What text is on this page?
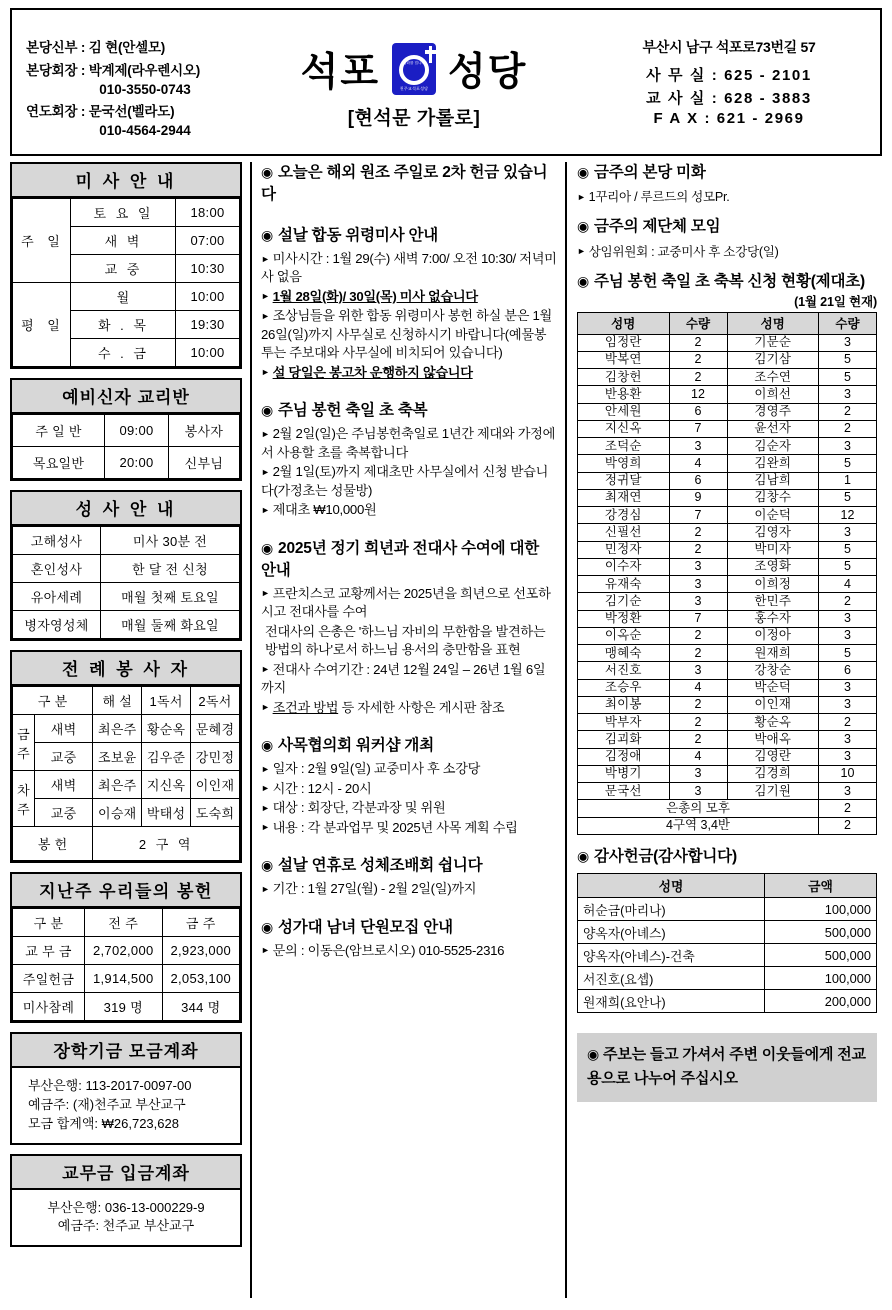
본당신부 : 김 현(안셀모)
본당회장 : 박계제(라우렌시오)
010-3550-0743
연도회장 : 문국선(벨라도)
010-4564-2944
석포	평화를 빕니다
천주교석포성당 성당
[현석문 가롤로]
부산시 남구 석포로73번길 57
사 무 실 : 625 - 2101
교 사 실 : 628 - 3883
F A X : 621 - 2969
미 사 안 내
주 일	토 요 일	18:00
	새 벽	07:00
	교 중	10:30
평 일	월	10:00
	화 . 목	19:30
	수 . 금	10:00
예비신자 교리반
주 일 반	09:00	봉사자
목요일반	20:00	신부님
성 사 안 내
고해성사	미사 30분 전
혼인성사	한 달 전 신청
유아세례	매월 첫째 토요일
병자영성체	매월 둘째 화요일
전 례 봉 사 자
구 분		해 설	1독서	2독서
금주	새벽	최은주	황순옥	문혜경
	교중	조보윤	김우준	강민정
차주	새벽	최은주	지신옥	이인재
	교중	이승재	박태성	도숙희
봉 헌		2 구 역		
지난주 우리들의 봉헌
구 분	전 주	금 주
교 무 금	2,702,000	2,923,000
주일헌금	1,914,500	2,053,100
미사참례	319 명	344 명
장학기금 모금계좌
부산은행: 113-2017-0097-00
예금주: (재)천주교 부산교구
모금 합계액: ₩26,723,628
교무금 입금계좌
부산은행: 036-13-000229-9
예금주: 천주교 부산교구
◉ 오늘은 해외 원조 주일로 2차 헌금 있습니다
◉ 설날 합동 위령미사 안내
► 미사시간 : 1월 29(수) 새벽 7:00/ 오전 10:30/ 저녁미사 없음
► 1월 28일(화)/ 30일(목) 미사 없습니다
► 조상님들을 위한 합동 위령미사 봉헌 하실 분은 1월 26일(일)까지 사무실로 신청하시기 바랍니다(예물봉투는 주보대와 사무실에 비치되어 있습니다)
► 설 당일은 봉고차 운행하지 않습니다
◉ 주님 봉헌 축일 초 축복
► 2월 2일(일)은 주님봉헌축일로 1년간 제대와 가정에서 사용할 초를 축복합니다
► 2월 1일(토)까지 제대초만 사무실에서 신청 받습니다(가정초는 성물방)
► 제대초 ₩10,000원
◉ 2025년 정기 희년과 전대사 수여에 대한 안내
► 프란치스코 교황께서는 2025년을 희년으로 선포하시고 전대사를 수여
전대사의 은총은 '하느님 자비의 무한함을 발견하는 방법의 하나'로서 하느님 용서의 충만함을 표현
► 전대사 수여기간 : 24년 12월 24일 – 26년 1월 6일까지
► 조건과 방법 등 자세한 사항은 게시판 참조
◉ 사목협의회 워커샵 개최
► 일자 : 2월 9일(일) 교중미사 후 소강당
► 시간 : 12시 - 20시
► 대상 : 회장단, 각분과장 및 위원
► 내용 : 각 분과업무 및 2025년 사목 계획 수립
◉ 설날 연휴로 성체조배회 쉽니다
► 기간 : 1월 27일(월) - 2월 2일(일)까지
◉ 성가대 남녀 단원모집 안내
► 문의 : 이동은(암브로시오) 010-5525-2316
◉ 금주의 본당 미화
► 1꾸리아 / 루르드의 성모Pr.
◉ 금주의 제단체 모임
► 상임위원회 : 교중미사 후 소강당(일)
◉ 주님 봉헌 축일 초 축복 신청 현황(제대초)
(1월 21일 현재)
성명	수량	성명	수량
임정란	2	기문순	3
박복연	2	김기삼	5
김창헌	2	조수연	5
반용환	12	이희선	3
안세원	6	경영주	2
지신옥	7	윤선자	2
조덕순	3	김순자	3
박영희	4	김완희	5
정귀달	6	김남희	1
최재연	9	김창수	5
강경심	7	이순덕	12
신필선	2	김영자	3
민정자	2	박미자	5
이수자	3	조영화	5
유재숙	3	이희정	4
김기순	3	한민주	2
박정환	7	홍수자	3
이옥순	2	이정아	3
맹혜숙	2	원재희	5
서진호	3	강창순	6
조승우	4	박순덕	3
최이봉	2	이인재	3
박부자	2	황순옥	2
김괴화	2	박애옥	3
김정애	4	김영란	3
박병기	3	김경희	10
문국선	3	김기원	3
은총의 모후			2
4구역 3,4반			2
◉ 감사헌금(감사합니다)
성명	금액
허순금(마리나)	100,000
양옥자(아녜스)	500,000
양옥자(아녜스)-건축	500,000
서진호(요셉)	100,000
원재희(요안나)	200,000
◉ 주보는 들고 가셔서 주변 이웃들에게 전교용으로 나누어 주십시오
